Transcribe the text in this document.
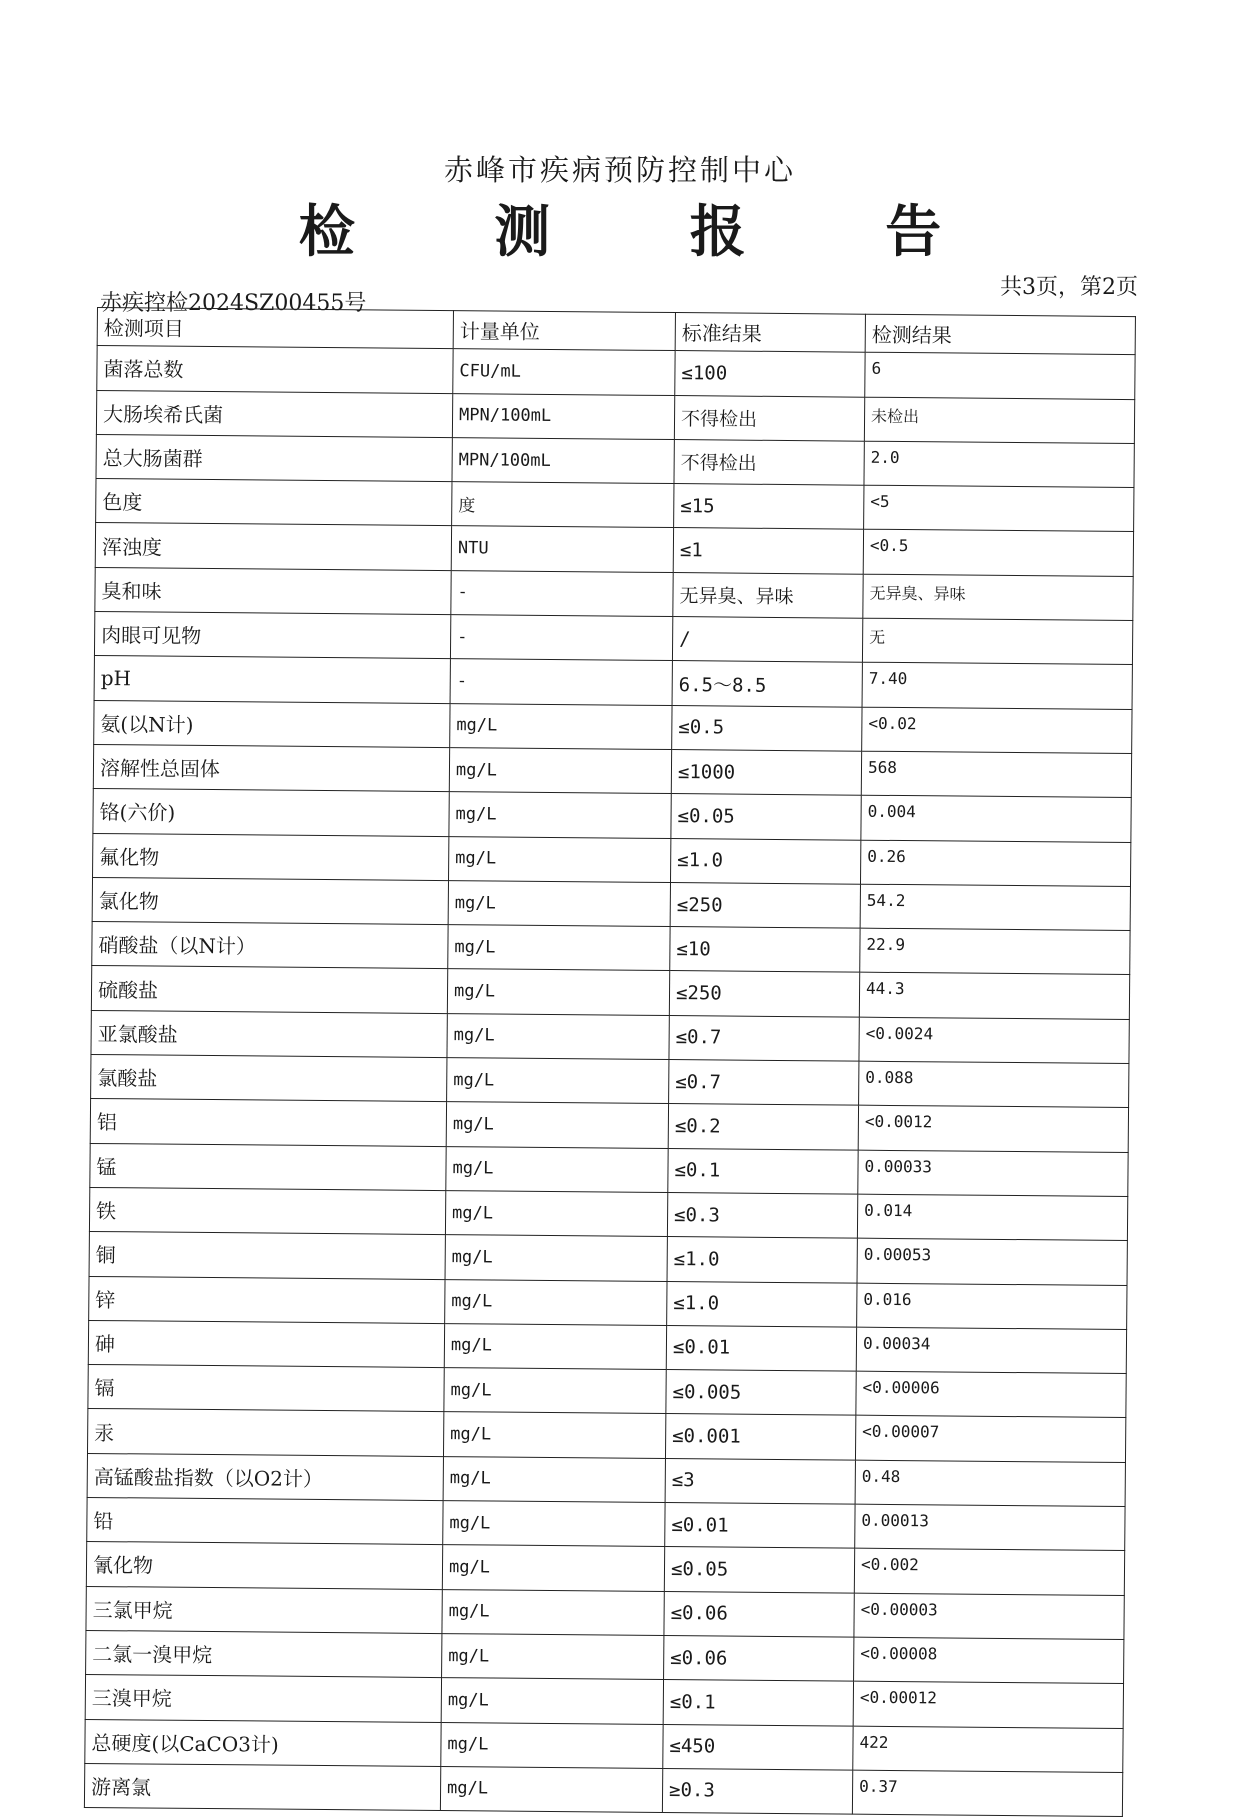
赤峰市疾病预防控制中心
检 测 报 告
赤疾控检2024SZ00455号
共3页，第2页
检测项目	计量单位	标准结果	检测结果
菌落总数	CFU/mL	≤100	6
大肠埃希氏菌	MPN/100mL	不得检出	未检出
总大肠菌群	MPN/100mL	不得检出	2.0
色度	度	≤15	<5
浑浊度	NTU	≤1	<0.5
臭和味	-	无异臭、异味	无异臭、异味
肉眼可见物	-	/	无
pH	-	6.5～8.5	7.40
氨(以N计)	mg/L	≤0.5	<0.02
溶解性总固体	mg/L	≤1000	568
铬(六价)	mg/L	≤0.05	0.004
氟化物	mg/L	≤1.0	0.26
氯化物	mg/L	≤250	54.2
硝酸盐（以N计）	mg/L	≤10	22.9
硫酸盐	mg/L	≤250	44.3
亚氯酸盐	mg/L	≤0.7	<0.0024
氯酸盐	mg/L	≤0.7	0.088
铝	mg/L	≤0.2	<0.0012
锰	mg/L	≤0.1	0.00033
铁	mg/L	≤0.3	0.014
铜	mg/L	≤1.0	0.00053
锌	mg/L	≤1.0	0.016
砷	mg/L	≤0.01	0.00034
镉	mg/L	≤0.005	<0.00006
汞	mg/L	≤0.001	<0.00007
高锰酸盐指数（以O2计）	mg/L	≤3	0.48
铅	mg/L	≤0.01	0.00013
氰化物	mg/L	≤0.05	<0.002
三氯甲烷	mg/L	≤0.06	<0.00003
二氯一溴甲烷	mg/L	≤0.06	<0.00008
三溴甲烷	mg/L	≤0.1	<0.00012
总硬度(以CaCO3计)	mg/L	≤450	422
游离氯	mg/L	≥0.3	0.37
